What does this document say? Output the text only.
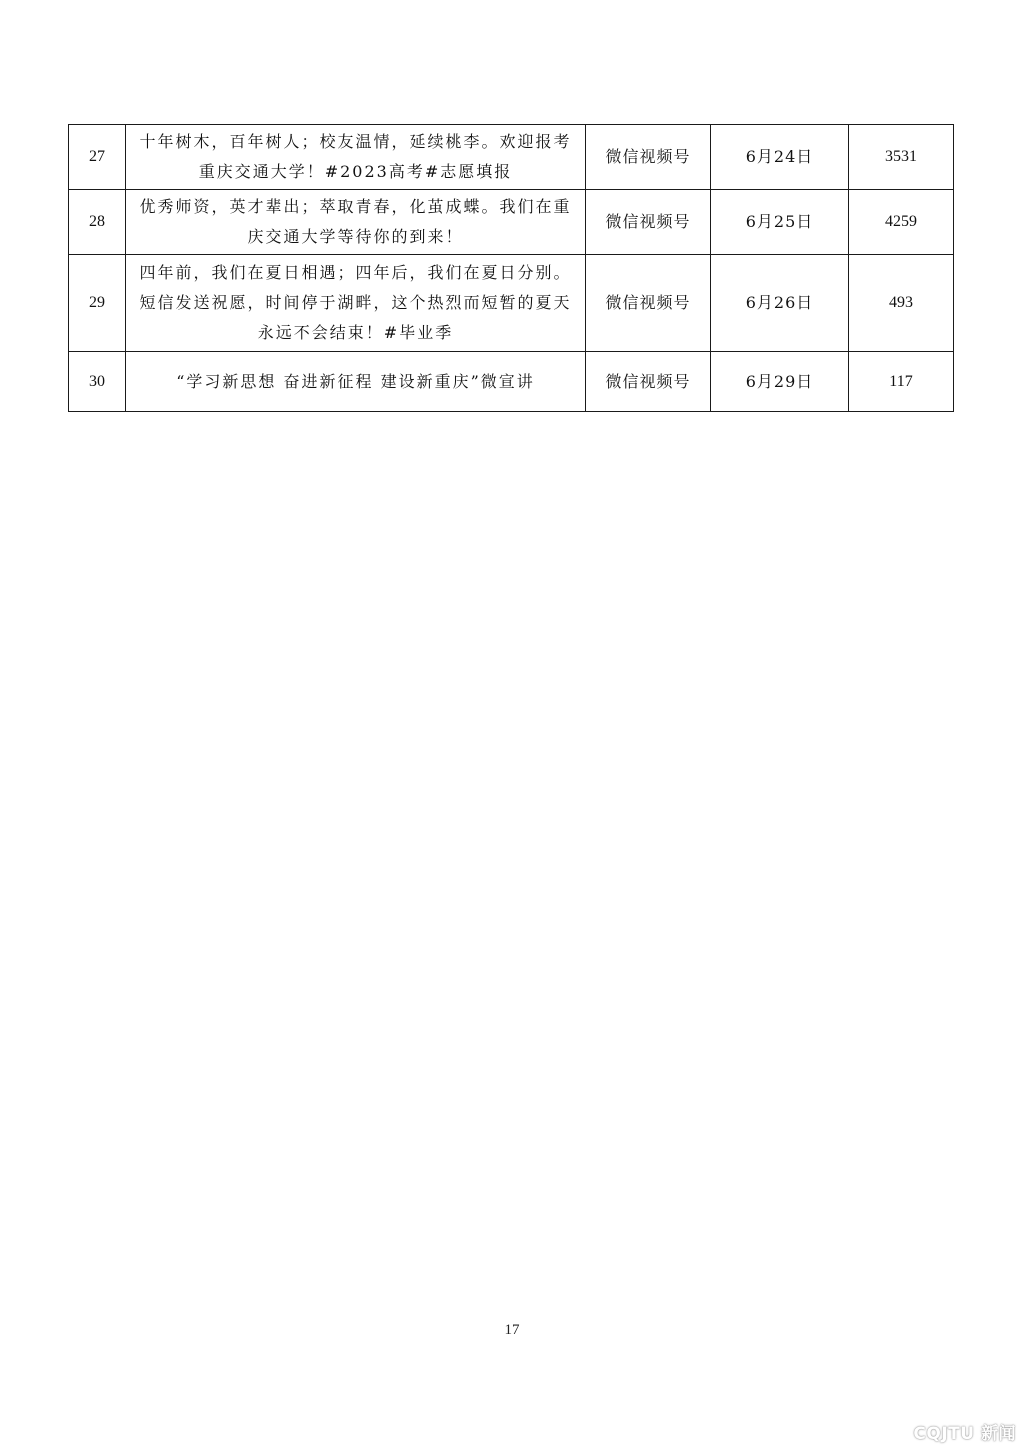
27	十年树木，百年树人；校友温情，延续桃李。欢迎报考重庆交通大学！#2023高考#志愿填报	微信视频号	6月24日	3531
28	优秀师资，英才辈出；萃取青春，化茧成蝶。我们在重庆交通大学等待你的到来！	微信视频号	6月25日	4259
29	四年前，我们在夏日相遇；四年后，我们在夏日分别。短信发送祝愿，时间停于湖畔，这个热烈而短暂的夏天永远不会结束！#毕业季	微信视频号	6月26日	493
30	“学习新思想 奋进新征程 建设新重庆”微宣讲	微信视频号	6月29日	117
17
CQJTU 新闻
